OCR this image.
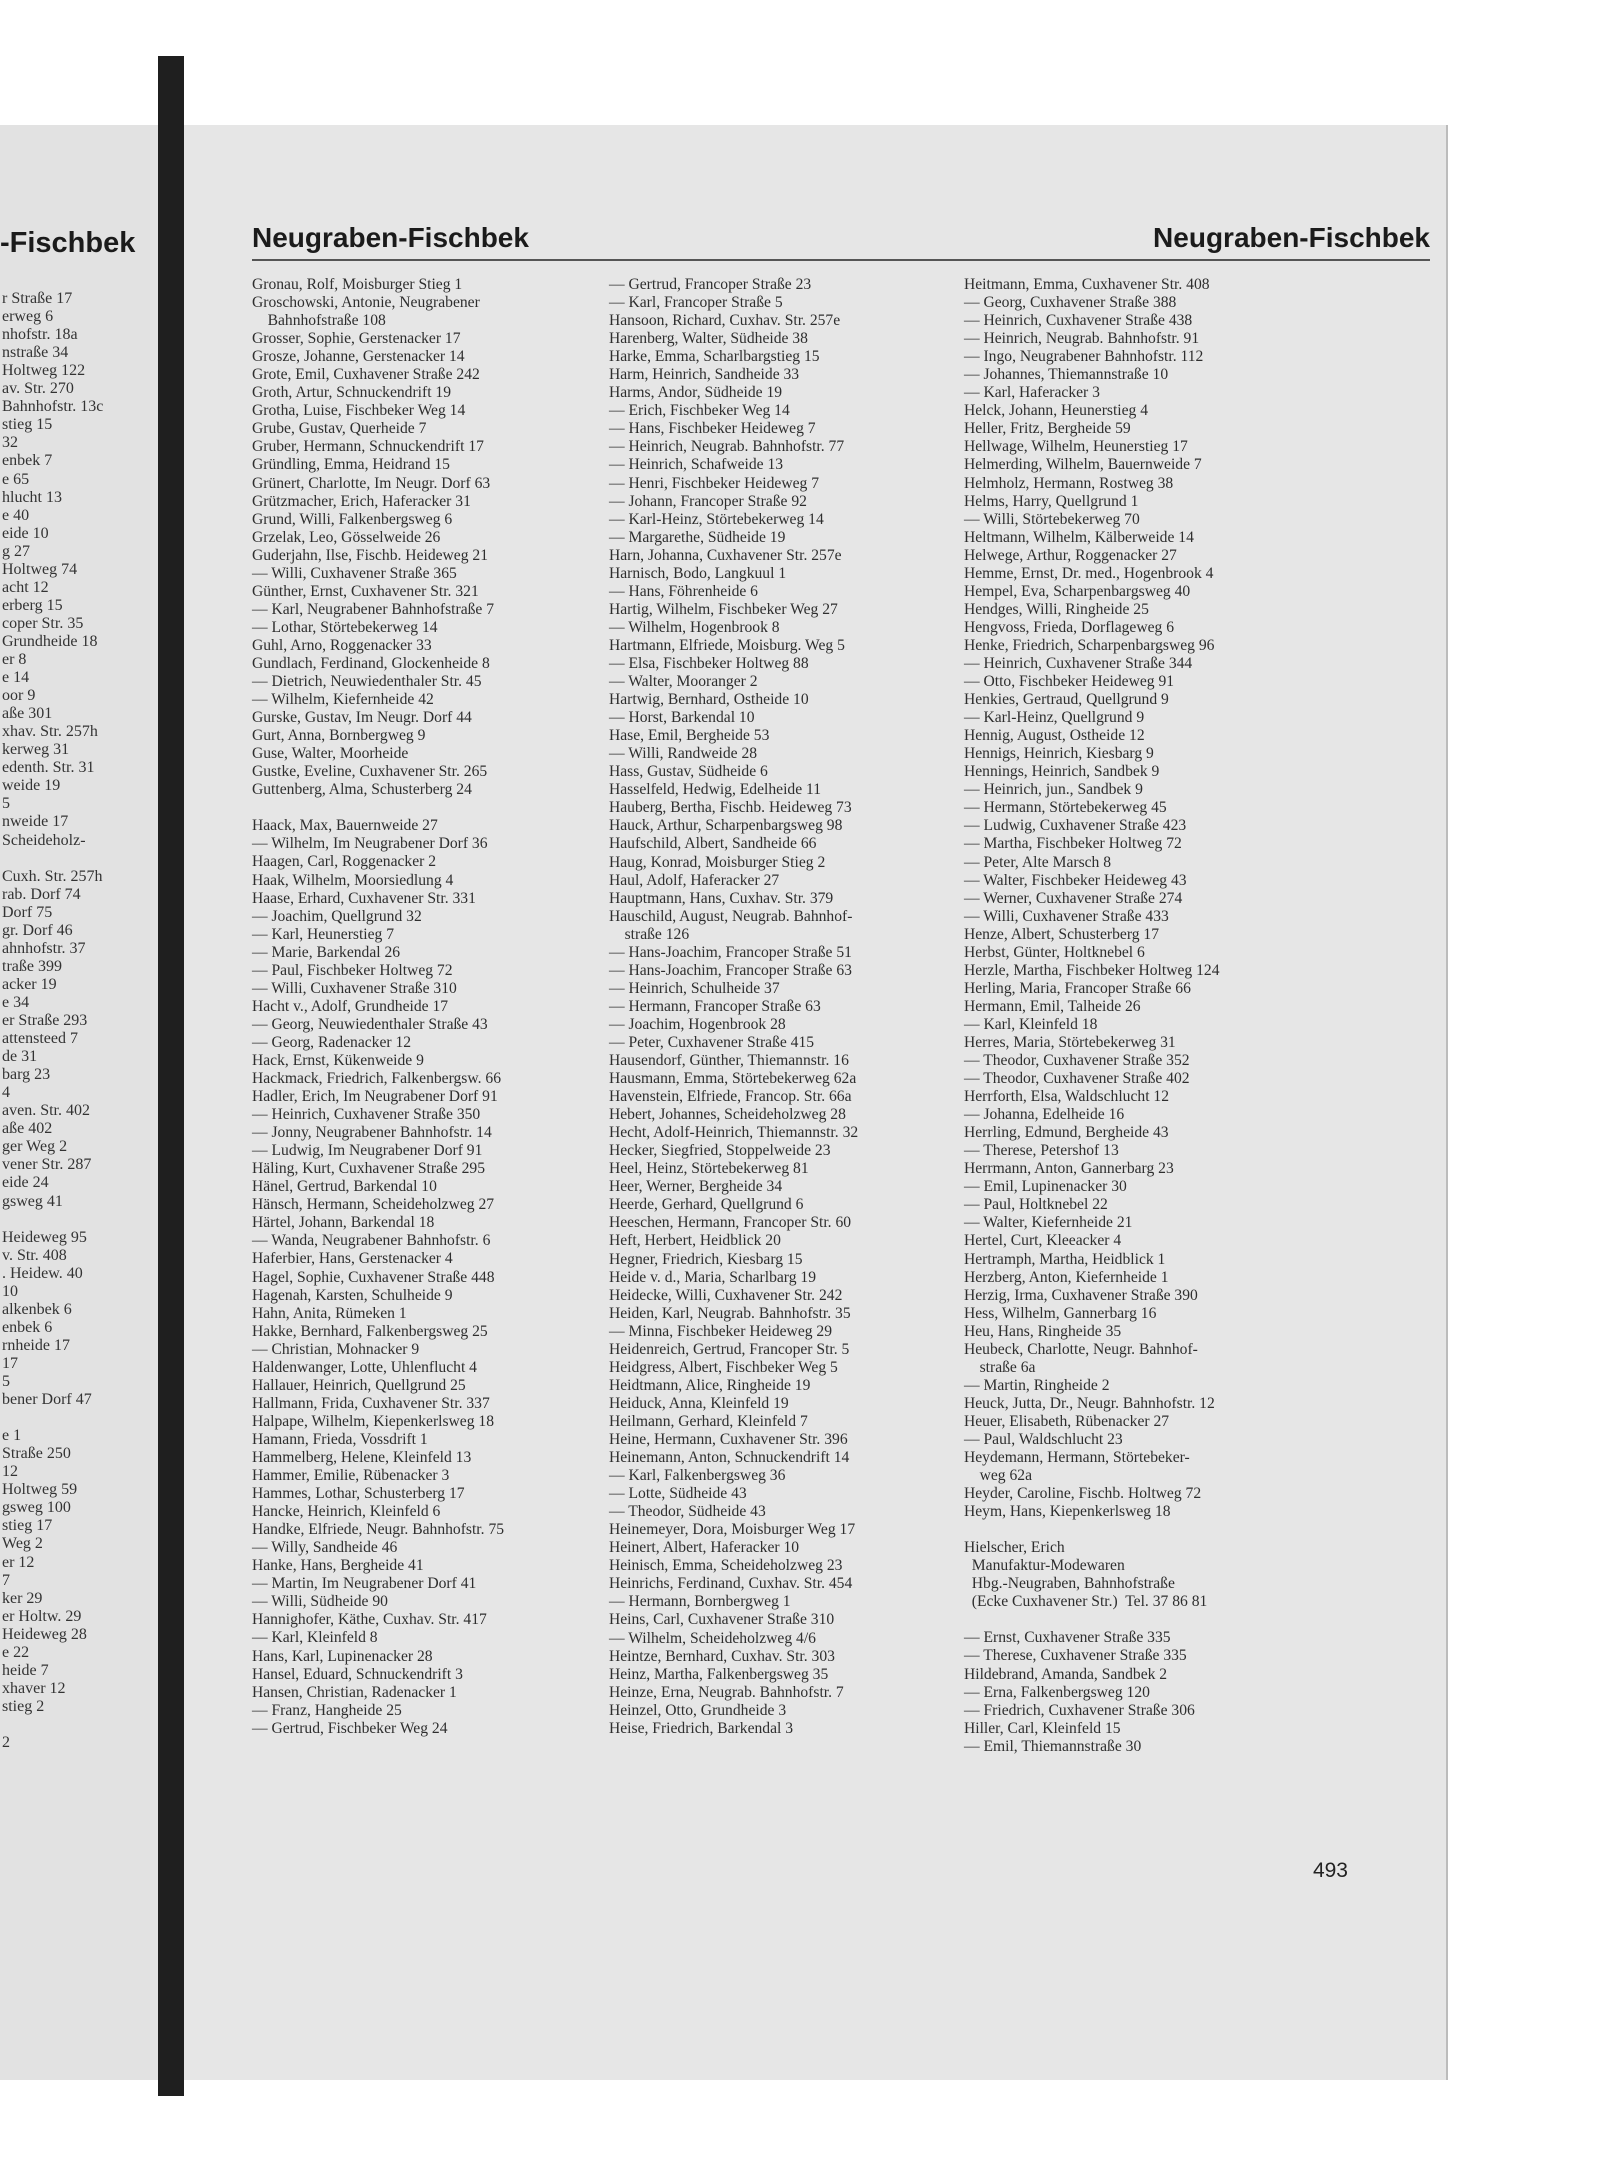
-Fischbek
r Straße 17
erweg 6
nhofstr. 18a
nstraße 34
Holtweg 122
av. Str. 270
Bahnhofstr. 13c
stieg 15
32
enbek 7
e 65
hlucht 13
e 40
eide 10
g 27
Holtweg 74
acht 12
erberg 15
coper Str. 35
Grundheide 18
er 8
e 14
oor 9
aße 301
xhav. Str. 257h
kerweg 31
edenth. Str. 31
weide 19
5
nweide 17
Scheideholz-
Cuxh. Str. 257h
rab. Dorf 74
Dorf 75
gr. Dorf 46
ahnhofstr. 37
traße 399
acker 19
e 34
er Straße 293
attensteed 7
de 31
barg 23
4
aven. Str. 402
aße 402
ger Weg 2
vener Str. 287
eide 24
gsweg 41
Heideweg 95
v. Str. 408
. Heidew. 40
10
alkenbek 6
enbek 6
rnheide 17
17
5
bener Dorf 47
e 1
Straße 250
12
Holtweg 59
gsweg 100
stieg 17
Weg 2
er 12
7
ker 29
er Holtw. 29
Heideweg 28
e 22
heide 7
xhaver 12
stieg 2
2
Neugraben-Fischbek	Neugraben-Fischbek
Gronau, Rolf, Moisburger Stieg 1
Groschowski, Antonie, Neugrabener
Bahnhofstraße 108
Grosser, Sophie, Gerstenacker 17
Grosze, Johanne, Gerstenacker 14
Grote, Emil, Cuxhavener Straße 242
Groth, Artur, Schnuckendrift 19
Grotha, Luise, Fischbeker Weg 14
Grube, Gustav, Querheide 7
Gruber, Hermann, Schnuckendrift 17
Gründling, Emma, Heidrand 15
Grünert, Charlotte, Im Neugr. Dorf 63
Grützmacher, Erich, Haferacker 31
Grund, Willi, Falkenbergsweg 6
Grzelak, Leo, Gösselweide 26
Guderjahn, Ilse, Fischb. Heideweg 21
— Willi, Cuxhavener Straße 365
Günther, Ernst, Cuxhavener Str. 321
— Karl, Neugrabener Bahnhofstraße 7
— Lothar, Störtebekerweg 14
Guhl, Arno, Roggenacker 33
Gundlach, Ferdinand, Glockenheide 8
— Dietrich, Neuwiedenthaler Str. 45
— Wilhelm, Kiefernheide 42
Gurske, Gustav, Im Neugr. Dorf 44
Gurt, Anna, Bornbergweg 9
Guse, Walter, Moorheide
Gustke, Eveline, Cuxhavener Str. 265
Guttenberg, Alma, Schusterberg 24
Haack, Max, Bauernweide 27
— Wilhelm, Im Neugrabener Dorf 36
Haagen, Carl, Roggenacker 2
Haak, Wilhelm, Moorsiedlung 4
Haase, Erhard, Cuxhavener Str. 331
— Joachim, Quellgrund 32
— Karl, Heunerstieg 7
— Marie, Barkendal 26
— Paul, Fischbeker Holtweg 72
— Willi, Cuxhavener Straße 310
Hacht v., Adolf, Grundheide 17
— Georg, Neuwiedenthaler Straße 43
— Georg, Radenacker 12
Hack, Ernst, Kükenweide 9
Hackmack, Friedrich, Falkenbergsw. 66
Hadler, Erich, Im Neugrabener Dorf 91
— Heinrich, Cuxhavener Straße 350
— Jonny, Neugrabener Bahnhofstr. 14
— Ludwig, Im Neugrabener Dorf 91
Häling, Kurt, Cuxhavener Straße 295
Hänel, Gertrud, Barkendal 10
Hänsch, Hermann, Scheideholzweg 27
Härtel, Johann, Barkendal 18
— Wanda, Neugrabener Bahnhofstr. 6
Haferbier, Hans, Gerstenacker 4
Hagel, Sophie, Cuxhavener Straße 448
Hagenah, Karsten, Schulheide 9
Hahn, Anita, Rümeken 1
Hakke, Bernhard, Falkenbergsweg 25
— Christian, Mohnacker 9
Haldenwanger, Lotte, Uhlenflucht 4
Hallauer, Heinrich, Quellgrund 25
Hallmann, Frida, Cuxhavener Str. 337
Halpape, Wilhelm, Kiepenkerlsweg 18
Hamann, Frieda, Vossdrift 1
Hammelberg, Helene, Kleinfeld 13
Hammer, Emilie, Rübenacker 3
Hammes, Lothar, Schusterberg 17
Hancke, Heinrich, Kleinfeld 6
Handke, Elfriede, Neugr. Bahnhofstr. 75
— Willy, Sandheide 46
Hanke, Hans, Bergheide 41
— Martin, Im Neugrabener Dorf 41
— Willi, Südheide 90
Hannighofer, Käthe, Cuxhav. Str. 417
— Karl, Kleinfeld 8
Hans, Karl, Lupinenacker 28
Hansel, Eduard, Schnuckendrift 3
Hansen, Christian, Radenacker 1
— Franz, Hangheide 25
— Gertrud, Fischbeker Weg 24
— Gertrud, Francoper Straße 23
— Karl, Francoper Straße 5
Hansoon, Richard, Cuxhav. Str. 257e
Harenberg, Walter, Südheide 38
Harke, Emma, Scharlbargstieg 15
Harm, Heinrich, Sandheide 33
Harms, Andor, Südheide 19
— Erich, Fischbeker Weg 14
— Hans, Fischbeker Heideweg 7
— Heinrich, Neugrab. Bahnhofstr. 77
— Heinrich, Schafweide 13
— Henri, Fischbeker Heideweg 7
— Johann, Francoper Straße 92
— Karl-Heinz, Störtebekerweg 14
— Margarethe, Südheide 19
Harn, Johanna, Cuxhavener Str. 257e
Harnisch, Bodo, Langkuul 1
— Hans, Föhrenheide 6
Hartig, Wilhelm, Fischbeker Weg 27
— Wilhelm, Hogenbrook 8
Hartmann, Elfriede, Moisburg. Weg 5
— Elsa, Fischbeker Holtweg 88
— Walter, Mooranger 2
Hartwig, Bernhard, Ostheide 10
— Horst, Barkendal 10
Hase, Emil, Bergheide 53
— Willi, Randweide 28
Hass, Gustav, Südheide 6
Hasselfeld, Hedwig, Edelheide 11
Hauberg, Bertha, Fischb. Heideweg 73
Hauck, Arthur, Scharpenbargsweg 98
Haufschild, Albert, Sandheide 66
Haug, Konrad, Moisburger Stieg 2
Haul, Adolf, Haferacker 27
Hauptmann, Hans, Cuxhav. Str. 379
Hauschild, August, Neugrab. Bahnhof-
straße 126
— Hans-Joachim, Francoper Straße 51
— Hans-Joachim, Francoper Straße 63
— Heinrich, Schulheide 37
— Hermann, Francoper Straße 63
— Joachim, Hogenbrook 28
— Peter, Cuxhavener Straße 415
Hausendorf, Günther, Thiemannstr. 16
Hausmann, Emma, Störtebekerweg 62a
Havenstein, Elfriede, Francop. Str. 66a
Hebert, Johannes, Scheideholzweg 28
Hecht, Adolf-Heinrich, Thiemannstr. 32
Hecker, Siegfried, Stoppelweide 23
Heel, Heinz, Störtebekerweg 81
Heer, Werner, Bergheide 34
Heerde, Gerhard, Quellgrund 6
Heeschen, Hermann, Francoper Str. 60
Heft, Herbert, Heidblick 20
Hegner, Friedrich, Kiesbarg 15
Heide v. d., Maria, Scharlbarg 19
Heidecke, Willi, Cuxhavener Str. 242
Heiden, Karl, Neugrab. Bahnhofstr. 35
— Minna, Fischbeker Heideweg 29
Heidenreich, Gertrud, Francoper Str. 5
Heidgress, Albert, Fischbeker Weg 5
Heidtmann, Alice, Ringheide 19
Heiduck, Anna, Kleinfeld 19
Heilmann, Gerhard, Kleinfeld 7
Heine, Hermann, Cuxhavener Str. 396
Heinemann, Anton, Schnuckendrift 14
— Karl, Falkenbergsweg 36
— Lotte, Südheide 43
— Theodor, Südheide 43
Heinemeyer, Dora, Moisburger Weg 17
Heinert, Albert, Haferacker 10
Heinisch, Emma, Scheideholzweg 23
Heinrichs, Ferdinand, Cuxhav. Str. 454
— Hermann, Bornbergweg 1
Heins, Carl, Cuxhavener Straße 310
— Wilhelm, Scheideholzweg 4/6
Heintze, Bernhard, Cuxhav. Str. 303
Heinz, Martha, Falkenbergsweg 35
Heinze, Erna, Neugrab. Bahnhofstr. 7
Heinzel, Otto, Grundheide 3
Heise, Friedrich, Barkendal 3
Heitmann, Emma, Cuxhavener Str. 408
— Georg, Cuxhavener Straße 388
— Heinrich, Cuxhavener Straße 438
— Heinrich, Neugrab. Bahnhofstr. 91
— Ingo, Neugrabener Bahnhofstr. 112
— Johannes, Thiemannstraße 10
— Karl, Haferacker 3
Helck, Johann, Heunerstieg 4
Heller, Fritz, Bergheide 59
Hellwage, Wilhelm, Heunerstieg 17
Helmerding, Wilhelm, Bauernweide 7
Helmholz, Hermann, Rostweg 38
Helms, Harry, Quellgrund 1
— Willi, Störtebekerweg 70
Heltmann, Wilhelm, Kälberweide 14
Helwege, Arthur, Roggenacker 27
Hemme, Ernst, Dr. med., Hogenbrook 4
Hempel, Eva, Scharpenbargsweg 40
Hendges, Willi, Ringheide 25
Hengvoss, Frieda, Dorflageweg 6
Henke, Friedrich, Scharpenbargsweg 96
— Heinrich, Cuxhavener Straße 344
— Otto, Fischbeker Heideweg 91
Henkies, Gertraud, Quellgrund 9
— Karl-Heinz, Quellgrund 9
Hennig, August, Ostheide 12
Hennigs, Heinrich, Kiesbarg 9
Hennings, Heinrich, Sandbek 9
— Heinrich, jun., Sandbek 9
— Hermann, Störtebekerweg 45
— Ludwig, Cuxhavener Straße 423
— Martha, Fischbeker Holtweg 72
— Peter, Alte Marsch 8
— Walter, Fischbeker Heideweg 43
— Werner, Cuxhavener Straße 274
— Willi, Cuxhavener Straße 433
Henze, Albert, Schusterberg 17
Herbst, Günter, Holtknebel 6
Herzle, Martha, Fischbeker Holtweg 124
Herling, Maria, Francoper Straße 66
Hermann, Emil, Talheide 26
— Karl, Kleinfeld 18
Herres, Maria, Störtebekerweg 31
— Theodor, Cuxhavener Straße 352
— Theodor, Cuxhavener Straße 402
Herrforth, Elsa, Waldschlucht 12
— Johanna, Edelheide 16
Herrling, Edmund, Bergheide 43
— Therese, Petershof 13
Herrmann, Anton, Gannerbarg 23
— Emil, Lupinenacker 30
— Paul, Holtknebel 22
— Walter, Kiefernheide 21
Hertel, Curt, Kleeacker 4
Hertramph, Martha, Heidblick 1
Herzberg, Anton, Kiefernheide 1
Herzig, Irma, Cuxhavener Straße 390
Hess, Wilhelm, Gannerbarg 16
Heu, Hans, Ringheide 35
Heubeck, Charlotte, Neugr. Bahnhof-
straße 6a
— Martin, Ringheide 2
Heuck, Jutta, Dr., Neugr. Bahnhofstr. 12
Heuer, Elisabeth, Rübenacker 27
— Paul, Waldschlucht 23
Heydemann, Hermann, Störtebeker-
weg 62a
Heyder, Caroline, Fischb. Holtweg 72
Heym, Hans, Kiepenkerlsweg 18
Hielscher, Erich
Manufaktur-Modewaren
Hbg.-Neugraben, Bahnhofstraße
(Ecke Cuxhavener Str.)  Tel. 37 86 81
— Ernst, Cuxhavener Straße 335
— Therese, Cuxhavener Straße 335
Hildebrand, Amanda, Sandbek 2
— Erna, Falkenbergsweg 120
— Friedrich, Cuxhavener Straße 306
Hiller, Carl, Kleinfeld 15
— Emil, Thiemannstraße 30
493
